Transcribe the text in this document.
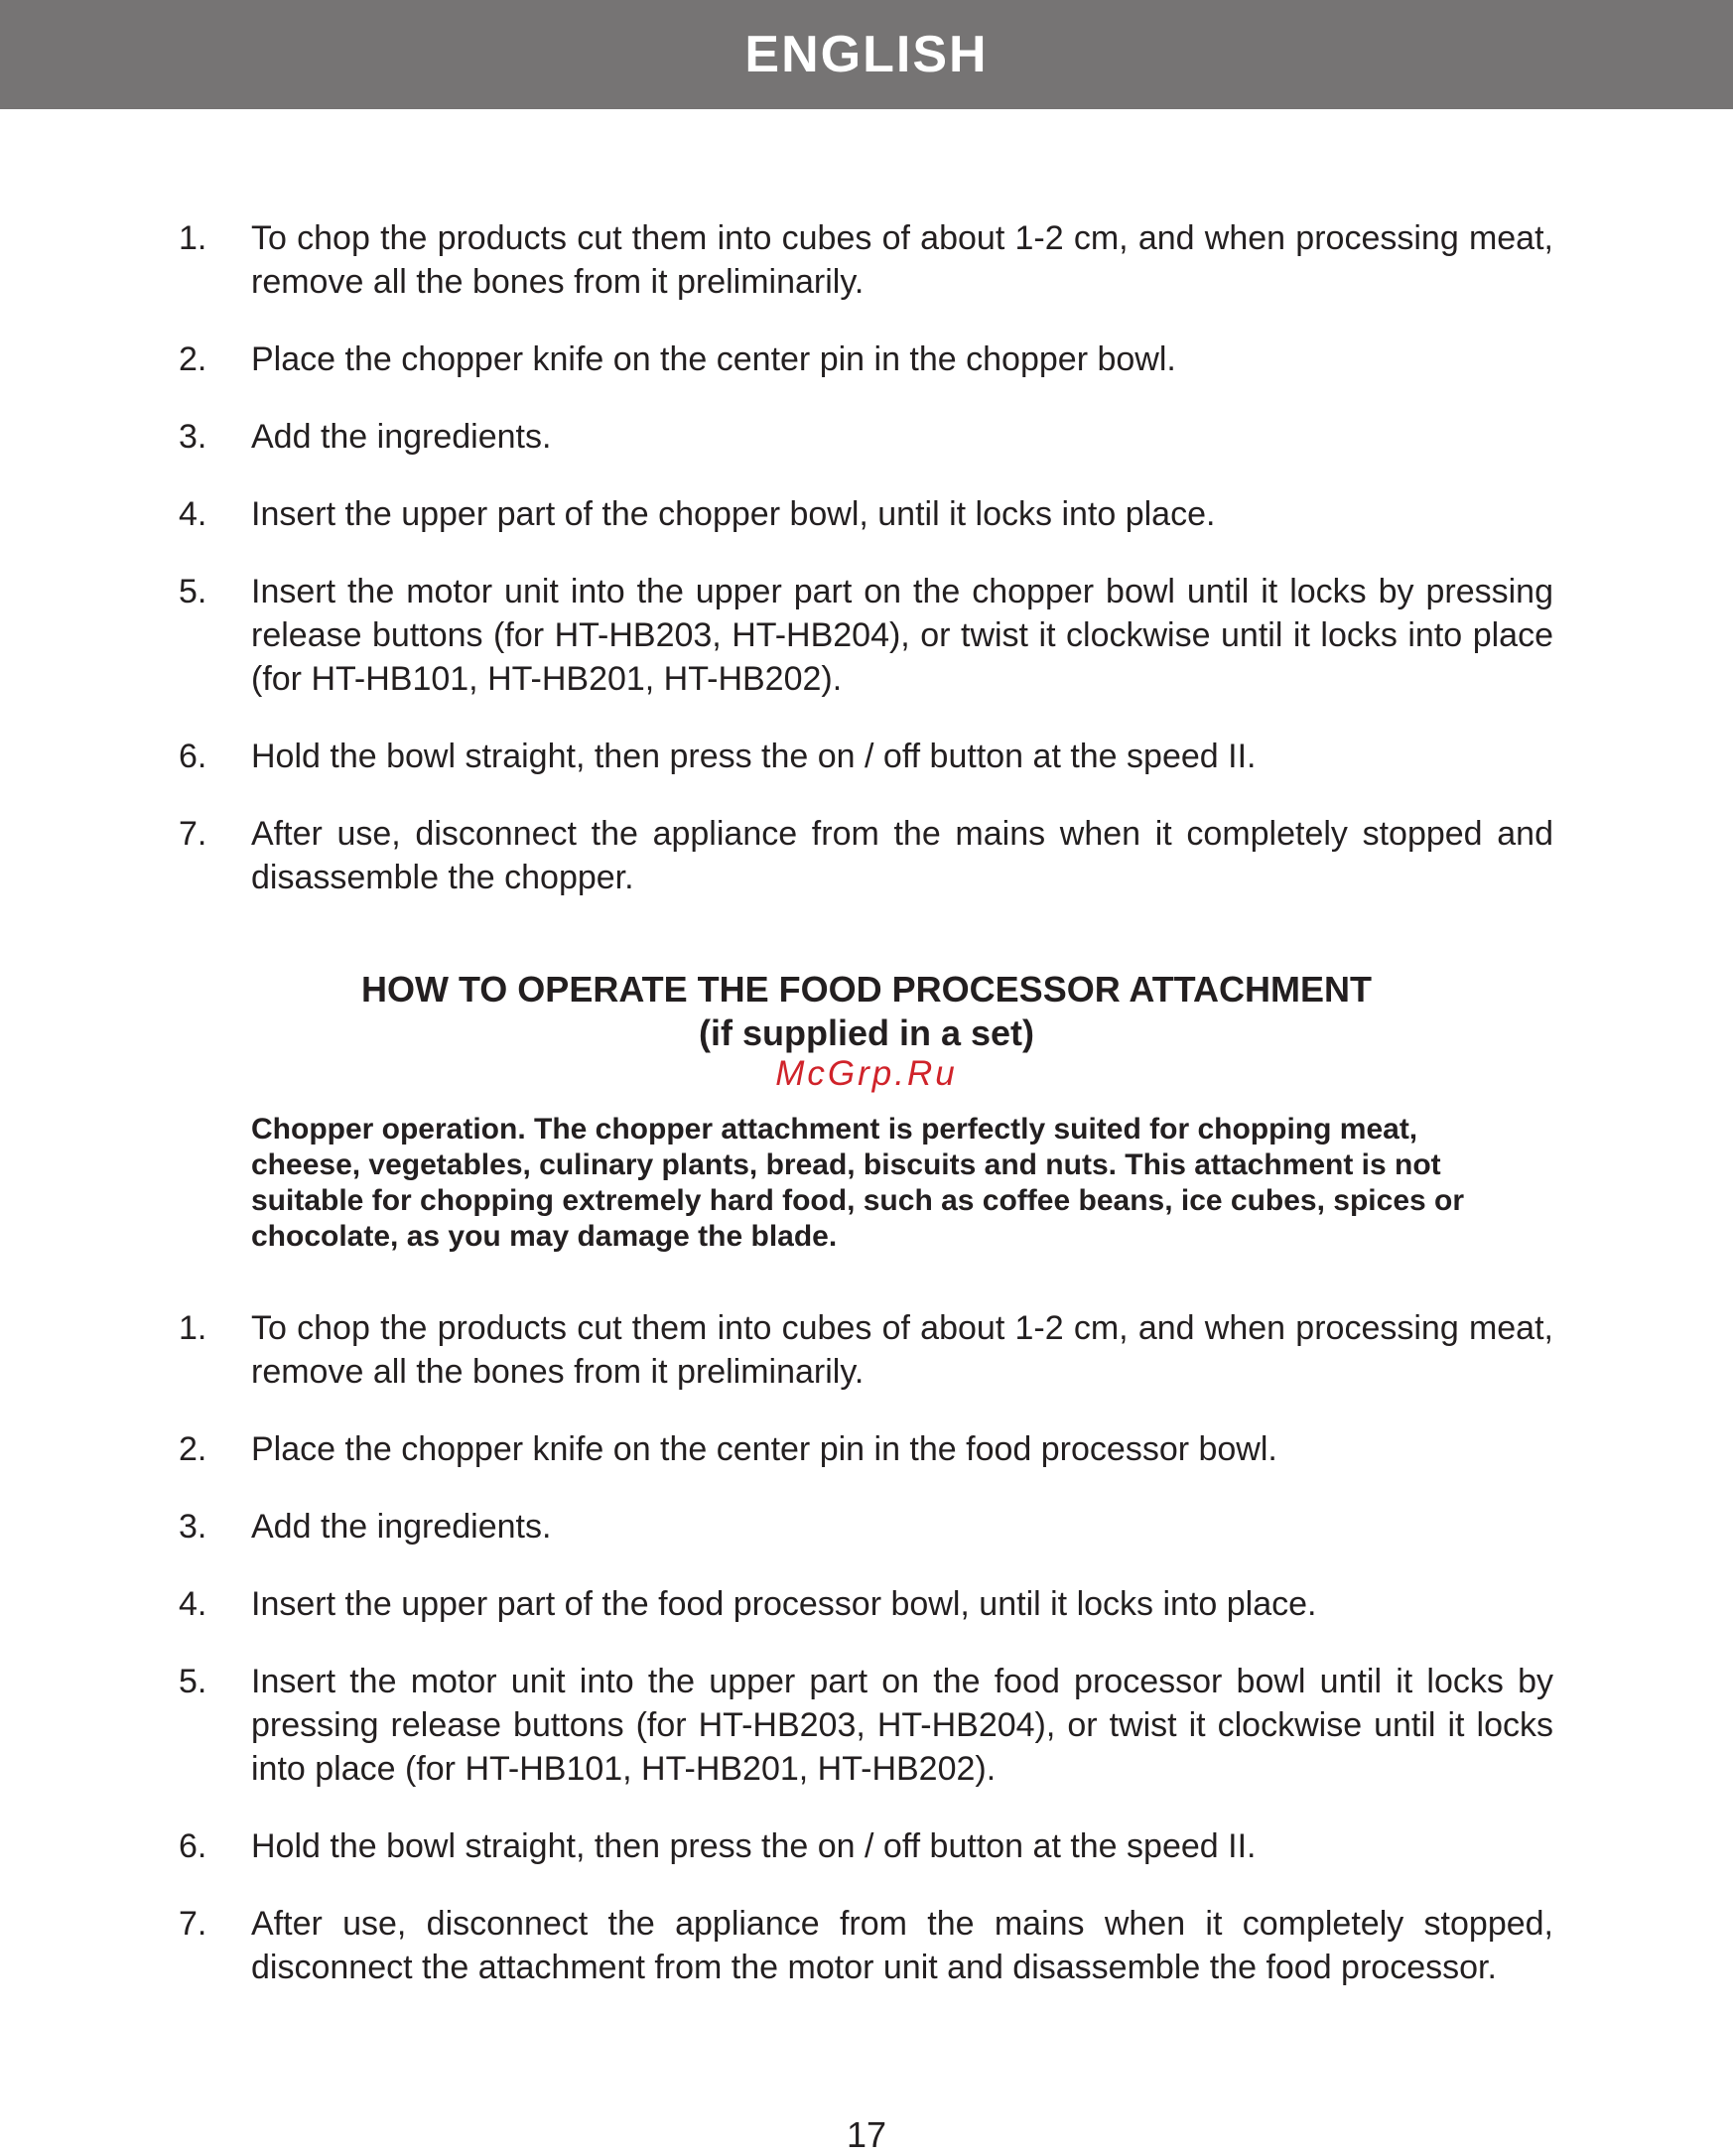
ENGLISH
1.	To chop the products cut them into cubes of about 1-2 cm, and when processing meat, remove all the bones from it preliminarily.
2.	Place the chopper knife on the center pin in the chopper bowl.
3.	Add the ingredients.
4.	Insert the upper part of the chopper bowl, until it locks into place.
5.	Insert the motor unit into the upper part on the chopper bowl until it locks by pressing release buttons (for HT-HB203, HT-HB204), or twist it clockwise until it locks into place (for HT-HB101, HT-HB201, HT-HB202).
6.	Hold the bowl straight, then press the on / off button at the speed II.
7.	After use, disconnect the appliance from the mains when it completely stopped and disassemble the chopper.
HOW TO OPERATE THE FOOD PROCESSOR ATTACHMENT
(if supplied in a set)
McGrp.Ru
Chopper operation. The chopper attachment is perfectly suited for chopping meat, cheese, vegetables, culinary plants, bread, biscuits and nuts. This attachment is not suitable for chopping extremely hard food, such as coffee beans, ice cubes, spices or chocolate, as you may damage the blade.
1.	To chop the products cut them into cubes of about 1-2 cm, and when processing meat, remove all the bones from it preliminarily.
2.	Place the chopper knife on the center pin in the food processor bowl.
3.	Add the ingredients.
4.	Insert the upper part of the food processor bowl, until it locks into place.
5.	Insert the motor unit into the upper part on the food processor bowl until it locks by pressing release buttons (for HT-HB203, HT-HB204), or twist it clockwise until it locks into place (for HT-HB101, HT-HB201, HT-HB202).
6.	Hold the bowl straight, then press the on / off button at the speed II.
7.	After use, disconnect the appliance from the mains when it completely stopped, disconnect the attachment from the motor unit and disassemble the food processor.
17
